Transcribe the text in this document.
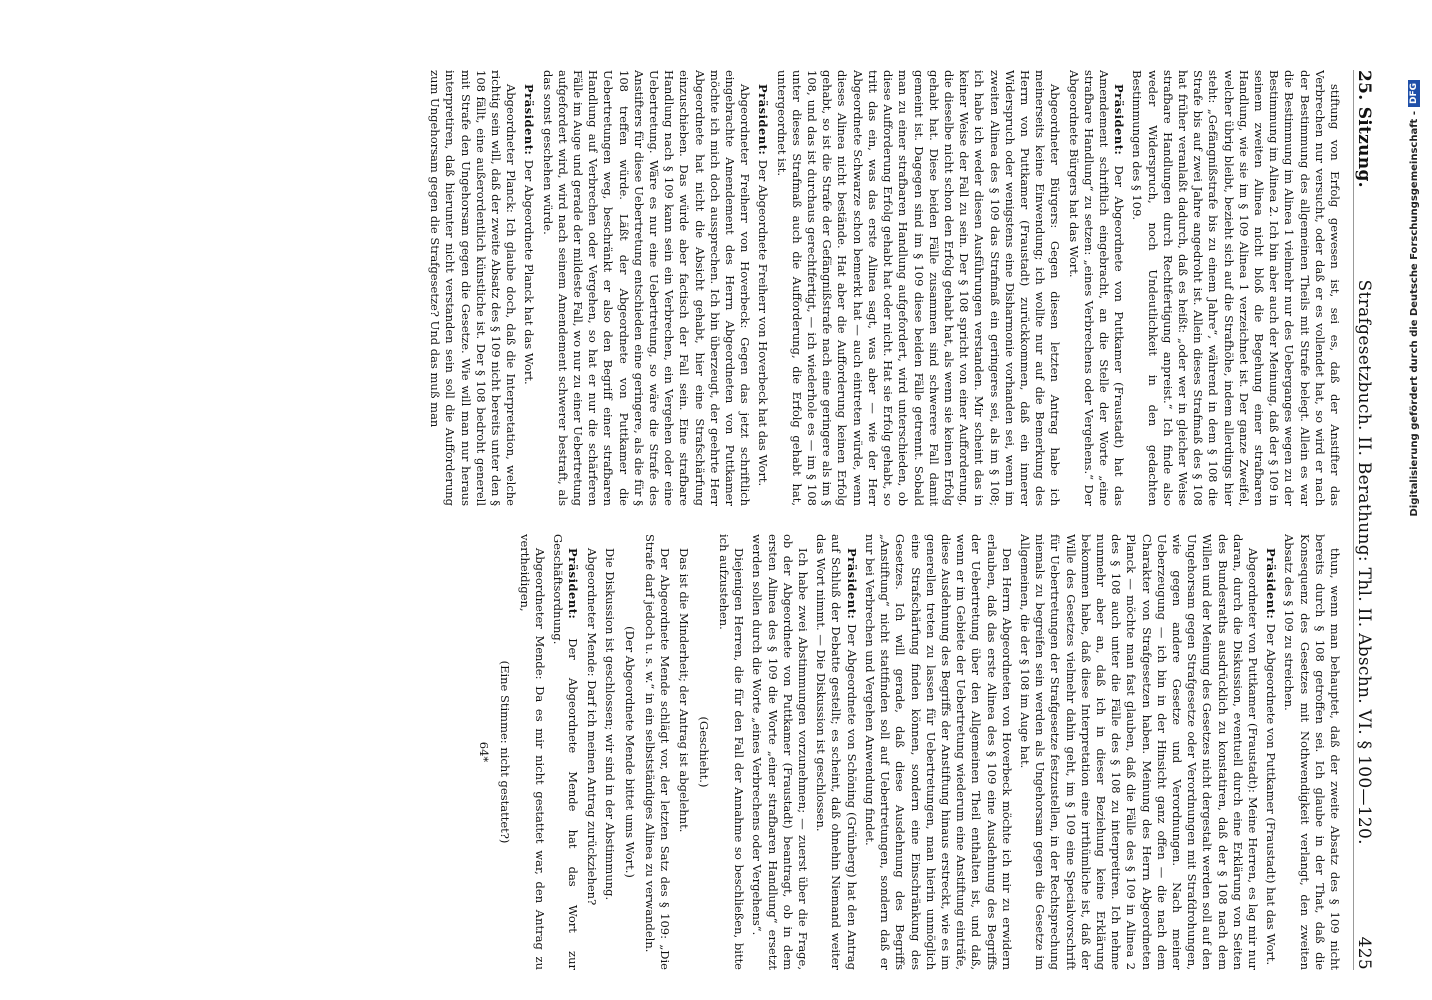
25. Sitzung.
Strafgesetzbuch. II. Berathung: Thl. II. Abschn. VI. § 100—120.
425

stiftung von Erfolg gewesen ist, sei es, daß der Anstifter das Verbrechen nur versucht, oder daß er es vollendet hat, so wird er nach der Bestimmung des allgemeinen Theils mit Strafe belegt. Allein es war die Bestimmung im Alinea 1 vielmehr nur des Ueberganges wegen zu der Bestimmung im Alinea 2. Ich bin aber auch der Meinung, daß der § 109 in seinem zweiten Alinea nicht bloß die Begehung einer strafbaren Handlung, wie sie im § 109 Alinea 1 verzeichnet ist. Der ganze Zweifel, welcher übrig bleibt, bezieht sich auf die Strafhöhe, indem allerdings hier steht: „Gefängnißstrafe bis zu einem Jahre“, während in dem § 108 die Strafe bis auf zwei Jahre angedroht ist. Allein dieses Strafmaß des § 108 hat früher veranlaßt dadurch, daß es heißt: „oder wer in gleicher Weise strafbare Handlungen durch Rechtfertigung anpreist.“ Ich finde also weder Widerspruch, noch Undeutlichkeit in den gedachten Bestimmungen des § 109.

Präsident: Der Abgeordnete von Puttkamer (Fraustadt) hat das Amendement schriftlich eingebracht, an die Stelle der Worte „eine strafbare Handlung“ zu setzen: „eines Verbrechens oder Vergehens.“ Der Abgeordnete Bürgers hat das Wort.

Abgeordneter Bürgers: Gegen diesen letzten Antrag habe ich meinerseits keine Einwendung; ich wollte nur auf die Bemerkung des Herrn von Puttkamer (Fraustadt) zurückkommen, daß ein innerer Widerspruch oder wenigstens eine Disharmonie vorhanden sei, wenn im zweiten Alinea des § 109 das Strafmaß ein geringeres sei, als im § 108; ich habe ich weder diesen Ausführungen verstanden. Mir scheint das in keiner Weise der Fall zu sein. Der § 108 spricht von einer Aufforderung, die dieselbe nicht schon den Erfolg gehabt hat, als wenn sie keinen Erfolg gehabt hat. Diese beiden Fälle zusammen sind schwerere Fall damit gemeint ist. Dagegen sind im § 109 diese beiden Fälle getrennt. Sobald man zu einer strafbaren Handlung aufgefordert, wird unterschieden, ob diese Aufforderung Erfolg gehabt hat oder nicht. Hat sie Erfolg gehabt, so tritt das ein, was das erste Alinea sagt, was aber — wie der Herr Abgeordnete Schwarze schon bemerkt hat — auch eintreten würde, wenn dieses Alinea nicht bestände. Hat aber die Aufforderung keinen Erfolg gehabt, so ist die Strafe der Gefängnißstrafe nach eine geringere als im § 108, und das ist durchaus gerechtfertigt, — ich wiederhole es — im § 108 unter dieses Strafmaß auch die Aufforderung, die Erfolg gehabt hat, untergeordnet ist.

Präsident: Der Abgeordnete Freiherr von Hoverbeck hat das Wort.

Abgeordneter Freiherr von Hoverbeck: Gegen das jetzt schriftlich eingebrachte Amendement des Herrn Abgeordneten von Puttkamer möchte ich mich doch aussprechen. Ich bin überzeugt, der geehrte Herr Abgeordnete hat nicht die Absicht gehabt, hier eine Strafschärfung einzuschieben. Das würde aber factisch der Fall sein. Eine strafbare Handlung nach § 109 kann sein ein Verbrechen, ein Vergehen oder eine Uebertretung. Wäre es nur eine Uebertretung, so wäre die Strafe des Anstifters für diese Uebertretung entschieden eine geringere, als die für § 108 treffen würde. Läßt der Abgeordnete von Puttkamer die Uebertretungen weg, beschränkt er also den Begriff einer strafbaren Handlung auf Verbrechen oder Vergehen, so hat er nur die schärferen Fälle im Auge und gerade der mildeste Fall, wo nur zu einer Uebertretung aufgefordert wird, wird nach seinem Amendement schwerer bestraft, als das sonst geschehen würde.

Präsident: Der Abgeordnete Planck hat das Wort.

Abgeordneter Planck: Ich glaube doch, daß die Interpretation, welche richtig sein will, daß der zweite Absatz des § 109 nicht bereits unter den § 108 fällt, eine außerordentlich künstliche ist. Der § 108 bedroht generell mit Strafe den Ungehorsam gegen die Gesetze. Wie will man nur heraus interpretiren, daß hierunter nicht verstanden sein soll die Aufforderung zum Ungehorsam gegen die Strafgesetze? Und das muß man

thun, wenn man behauptet, daß der zweite Absatz des § 109 nicht bereits durch § 108 getroffen sei. Ich glaube in der That, daß die Konsequenz des Gesetzes mit Nothwendigkeit verlangt, den zweiten Absatz des § 109 zu streichen.

Präsident: Der Abgeordnete von Puttkamer (Fraustadt) hat das Wort.

Abgeordneter von Puttkamer (Fraustadt): Meine Herren, es lag mir nur daran, durch die Diskussion, eventuell durch eine Erklärung von Seiten des Bundesraths ausdrücklich zu konstatiren, daß der § 108 nach dem Willen und der Meinung des Gesetzes nicht dergestalt werden soll auf den Ungehorsam gegen Strafgesetze oder Verordnungen mit Strafdrohungen, wie gegen andere Gesetze und Verordnungen. Nach meiner Ueberzeugung — ich bin in der Hinsicht ganz offen — die nach dem Charakter von Strafgesetzen haben. Meinung des Herrn Abgeordneten Planck — möchte man fast glauben, daß die Fälle des § 109 in Alinea 2 des § 108 auch unter die Fälle des § 108 zu interpretiren. Ich nehme nunmehr aber an, daß ich in dieser Beziehung keine Erklärung bekommen habe, daß diese Interpretation eine irrthümliche ist, daß der Wille des Gesetzes vielmehr dahin geht, im § 109 eine Specialvorschrift für Uebertretungen der Strafgesetze festzustellen, in der Rechtsprechung niemals zu begreifen sein werden als Ungehorsam gegen die Gesetze im Allgemeinen, die der § 108 im Auge hat.

Den Herrn Abgeordneten von Hoverbeck möchte ich mir zu erwidern erlauben, daß das erste Alinea des § 109 eine Ausdehnung des Begriffs der Uebertretung über den Allgemeinen Theil enthalten ist, und daß, wenn er im Gebiete der Uebertretung wiederum eine Anstiftung einträfe, diese Ausdehnung des Begriffs der Anstiftung hinaus erstreckt, wie es im generellen treten zu lassen für Uebertretungen, man hierin unmöglich eine Strafschärfung finden können, sondern eine Einschränkung des Gesetzes. Ich will gerade, daß diese Ausdehnung des Begriffs „Anstiftung“ nicht stattfinden soll auf Uebertretungen, sondern daß er nur bei Verbrechen und Vergehen Anwendung findet.

Präsident: Der Abgeordnete von Schöning (Grünberg) hat den Antrag auf Schluß der Debatte gestellt; es scheint, daß ohnehin Niemand weiter das Wort nimmt. — Die Diskussion ist geschlossen.

Ich habe zwei Abstimmungen vorzunehmen; — zuerst über die Frage, ob der Abgeordnete von Puttkamer (Fraustadt) beantragt, ob in dem ersten Alinea des § 109 die Worte „einer strafbaren Handlung“ ersetzt werden sollen durch die Worte „eines Verbrechens oder Vergehens“.

Diejenigen Herren, die für den Fall der Annahme so beschließen, bitte ich aufzustehen.

(Geschieht.)

Das ist die Minderheit; der Antrag ist abgelehnt.

Der Abgeordnete Mende schlägt vor, der letzten Satz des § 109: „Die Strafe darf jedoch u. s. w.“ in ein selbstständiges Alinea zu verwandeln.

(Der Abgeordnete Mende bittet ums Wort.)

Die Diskussion ist geschlossen; wir sind in der Abstimmung.

Abgeordneter Mende: Darf ich meinen Antrag zurückziehen?

Präsident: Der Abgeordnete Mende hat das Wort zur Geschäftsordnung.

Abgeordneter Mende: Da es mir nicht gestattet war, den Antrag zu vertheidigen,

(Eine Stimme: nicht gestattet?)

64*

Digitalisierung gefördert durch die Deutsche Forschungsgemeinschaft -
DFG
